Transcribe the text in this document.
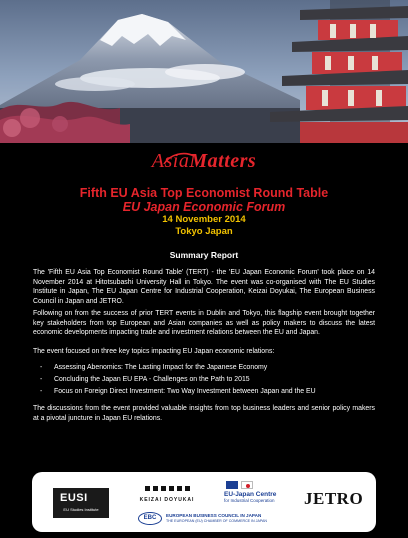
AsiaMatters
Fifth EU Asia Top Economist Round Table
EU Japan Economic Forum
14 November 2014
Tokyo Japan
Summary Report

The 'Fifth EU Asia Top Economist Round Table' (TERT) - the 'EU Japan Economic Forum' took place on 14 November 2014 at Hitotsubashi University Hall in Tokyo. The event was co-organised with The EU Studies Institute in Japan, The EU Japan Centre for Industrial Cooperation, Keizai Doyukai, The European Business Council in Japan and JETRO.

Following on from the success of prior TERT events in Dublin and Tokyo, this flagship event brought together key stakeholders from top European and Asian companies as well as policy makers to discuss the latest economic developments impacting trade and investment relations between the EU and Japan.

The event focused on three key topics impacting EU Japan economic relations:

- Assessing Abenomics: The Lasting Impact for the Japanese Economy
- Concluding the Japan EU EPA - Challenges on the Path to 2015
- Focus on Foreign Direct Investment: Two Way Investment between Japan and the EU

The discussions from the event provided valuable insights from top business leaders and senior policy makers at a pivotal juncture in Japan EU relations.

EUSI
EU Studies Institute
KEIZAI DOYUKAI
EU-Japan Centre
for Industrial Cooperation	JETRO
EBC	EUROPEAN BUSINESS COUNCIL IN JAPAN
THE EUROPEAN (EU) CHAMBER OF COMMERCE IN JAPAN
